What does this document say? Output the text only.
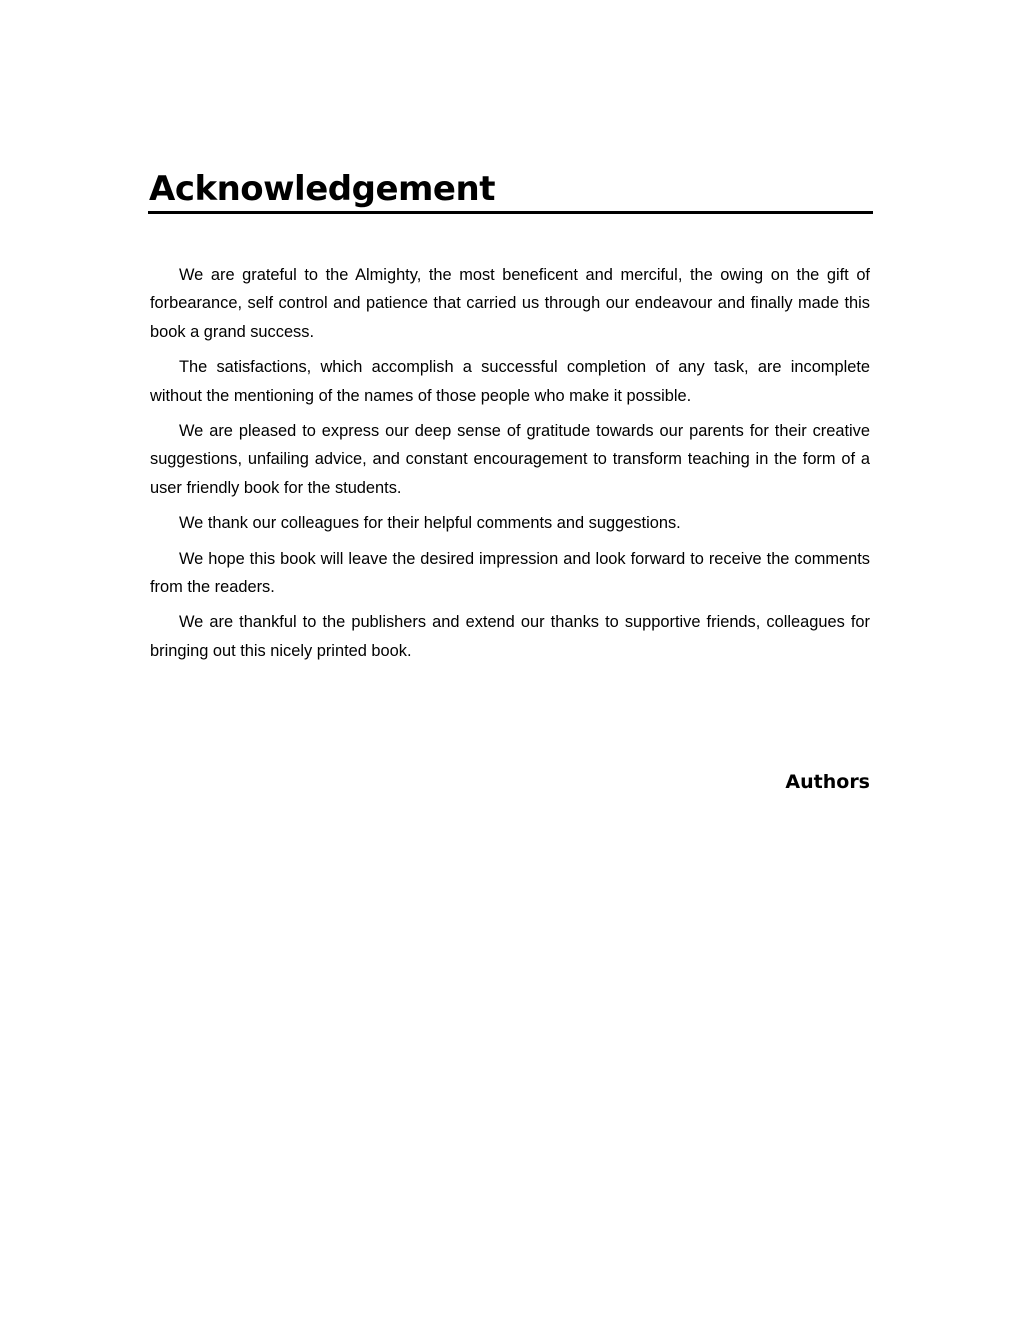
Acknowledgement

We are grateful to the Almighty, the most beneficent and merciful, the owing on the gift of forbearance, self control and patience that carried us through our endeavour and finally made this book a grand success.

The satisfactions, which accomplish a successful completion of any task, are incomplete without the mentioning of the names of those people who make it possible.

We are pleased to express our deep sense of gratitude towards our parents for their creative suggestions, unfailing advice, and constant encouragement to transform teaching in the form of a user friendly book for the students.

We thank our colleagues for their helpful comments and suggestions.

We hope this book will leave the desired impression and look forward to receive the comments from the readers.

We are thankful to the publishers and extend our thanks to supportive friends, colleagues for bringing out this nicely printed book.

Authors
